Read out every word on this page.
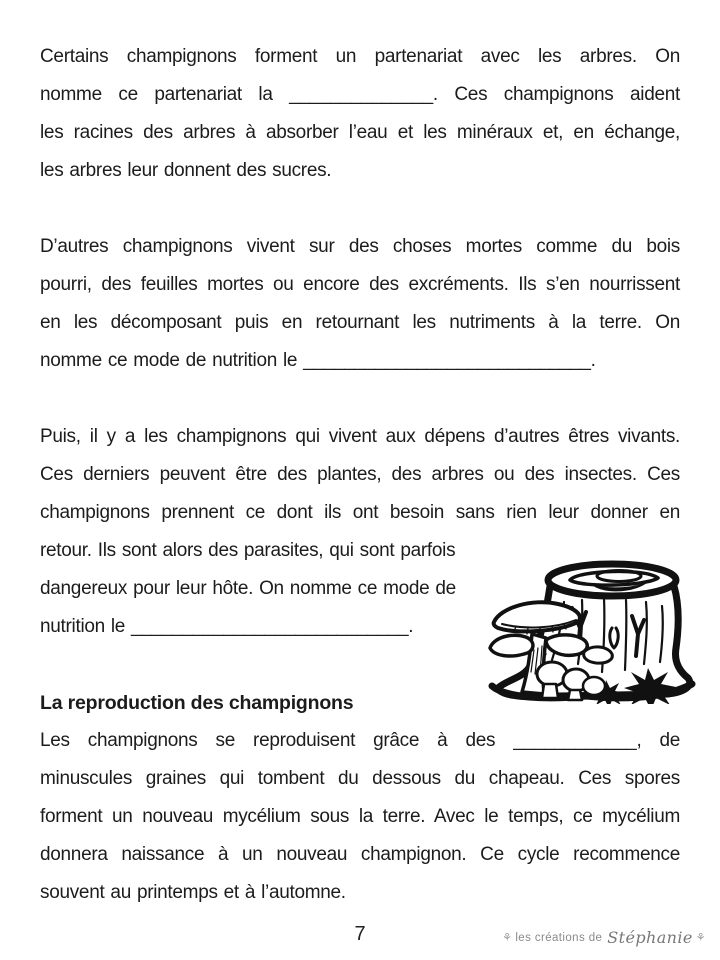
Certains champignons forment un partenariat avec les arbres. On
nomme ce partenariat la ______________. Ces champignons aident
les racines des arbres à absorber l’eau et les minéraux et, en échange,
les arbres leur donnent des sucres.
D’autres champignons vivent sur des choses mortes comme du bois
pourri, des feuilles mortes ou encore des excréments. Ils s’en nourrissent
en les décomposant puis en retournant les nutriments à la terre. On
nomme ce mode de nutrition le ____________________________.
Puis, il y a les champignons qui vivent aux dépens d’autres êtres vivants.
Ces derniers peuvent être des plantes, des arbres ou des insectes. Ces
champignons prennent ce dont ils ont besoin sans rien leur donner en
retour. Ils sont alors des parasites, qui sont parfois
dangereux pour leur hôte. On nomme ce mode de
nutrition le ___________________________.
La reproduction des champignons
Les champignons se reproduisent grâce à des ____________, de
minuscules graines qui tombent du dessous du chapeau. Ces spores
forment un nouveau mycélium sous la terre. Avec le temps, ce mycélium
donnera naissance à un nouveau champignon. Ce cycle recommence
souvent au printemps et à l’automne.
7	⚘ les créations de Stéphanie ⚘
